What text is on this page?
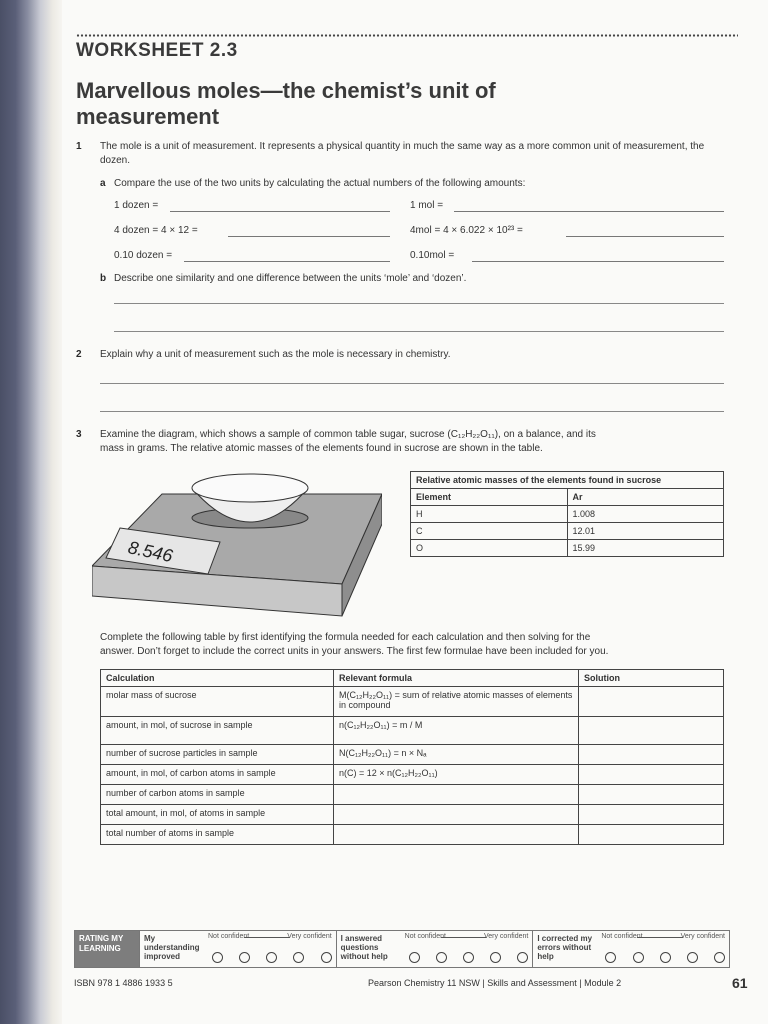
WORKSHEET 2.3
Marvellous moles—the chemist’s unit of measurement
1 The mole is a unit of measurement. It represents a physical quantity in much the same way as a more common unit of measurement, the dozen.
a Compare the use of the two units by calculating the actual numbers of the following amounts:
1 dozen =	1 mol =
4 dozen = 4 × 12 =	4mol = 4 × 6.022 × 10²³ =
0.10 dozen =	0.10mol =
b Describe one similarity and one difference between the units ‘mole’ and ‘dozen’.
2 Explain why a unit of measurement such as the mole is necessary in chemistry.
3 Examine the diagram, which shows a sample of common table sugar, sucrose (C₁₂H₂₂O₁₁), on a balance, and its
mass in grams. The relative atomic masses of the elements found in sucrose are shown in the table.
8.546
Relative atomic masses of the elements found in sucrose	
Element	Ar
H	1.008
C	12.01
O	15.99
Complete the following table by first identifying the formula needed for each calculation and then solving for the
answer. Don’t forget to include the correct units in your answers. The first few formulae have been included for you.
Calculation	Relevant formula	Solution
molar mass of sucrose	M(C₁₂H₂₂O₁₁) = sum of relative atomic masses of elements in compound	
amount, in mol, of sucrose in sample	n(C₁₂H₂₂O₁₁) = m / M	
number of sucrose particles in sample	N(C₁₂H₂₂O₁₁) = n × Nₐ	
amount, in mol, of carbon atoms in sample	n(C) = 12 × n(C₁₂H₂₂O₁₁)	
number of carbon atoms in sample		
total amount, in mol, of atoms in sample		
total number of atoms in sample		
RATING MY LEARNING
My understanding improved
Not confident	Very confident I answered questions without help
Not confident	Very confident I corrected my errors without help
Not confident	Very confident
ISBN 978 1 4886 1933 5	Pearson Chemistry 11 NSW | Skills and Assessment | Module 2	61
